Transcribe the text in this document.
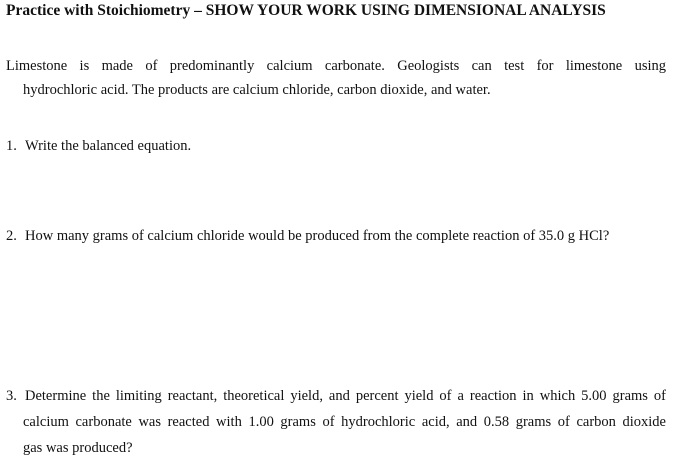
Practice with Stoichiometry – SHOW YOUR WORK USING DIMENSIONAL ANALYSIS
Limestone is made of predominantly calcium carbonate. Geologists can test for limestone using
hydrochloric acid. The products are calcium chloride, carbon dioxide, and water.
1. Write the balanced equation.
2. How many grams of calcium chloride would be produced from the complete reaction of 35.0 g HCl?
3. Determine the limiting reactant, theoretical yield, and percent yield of a reaction in which 5.00 grams of
calcium carbonate was reacted with 1.00 grams of hydrochloric acid, and 0.58 grams of carbon dioxide
gas was produced?
